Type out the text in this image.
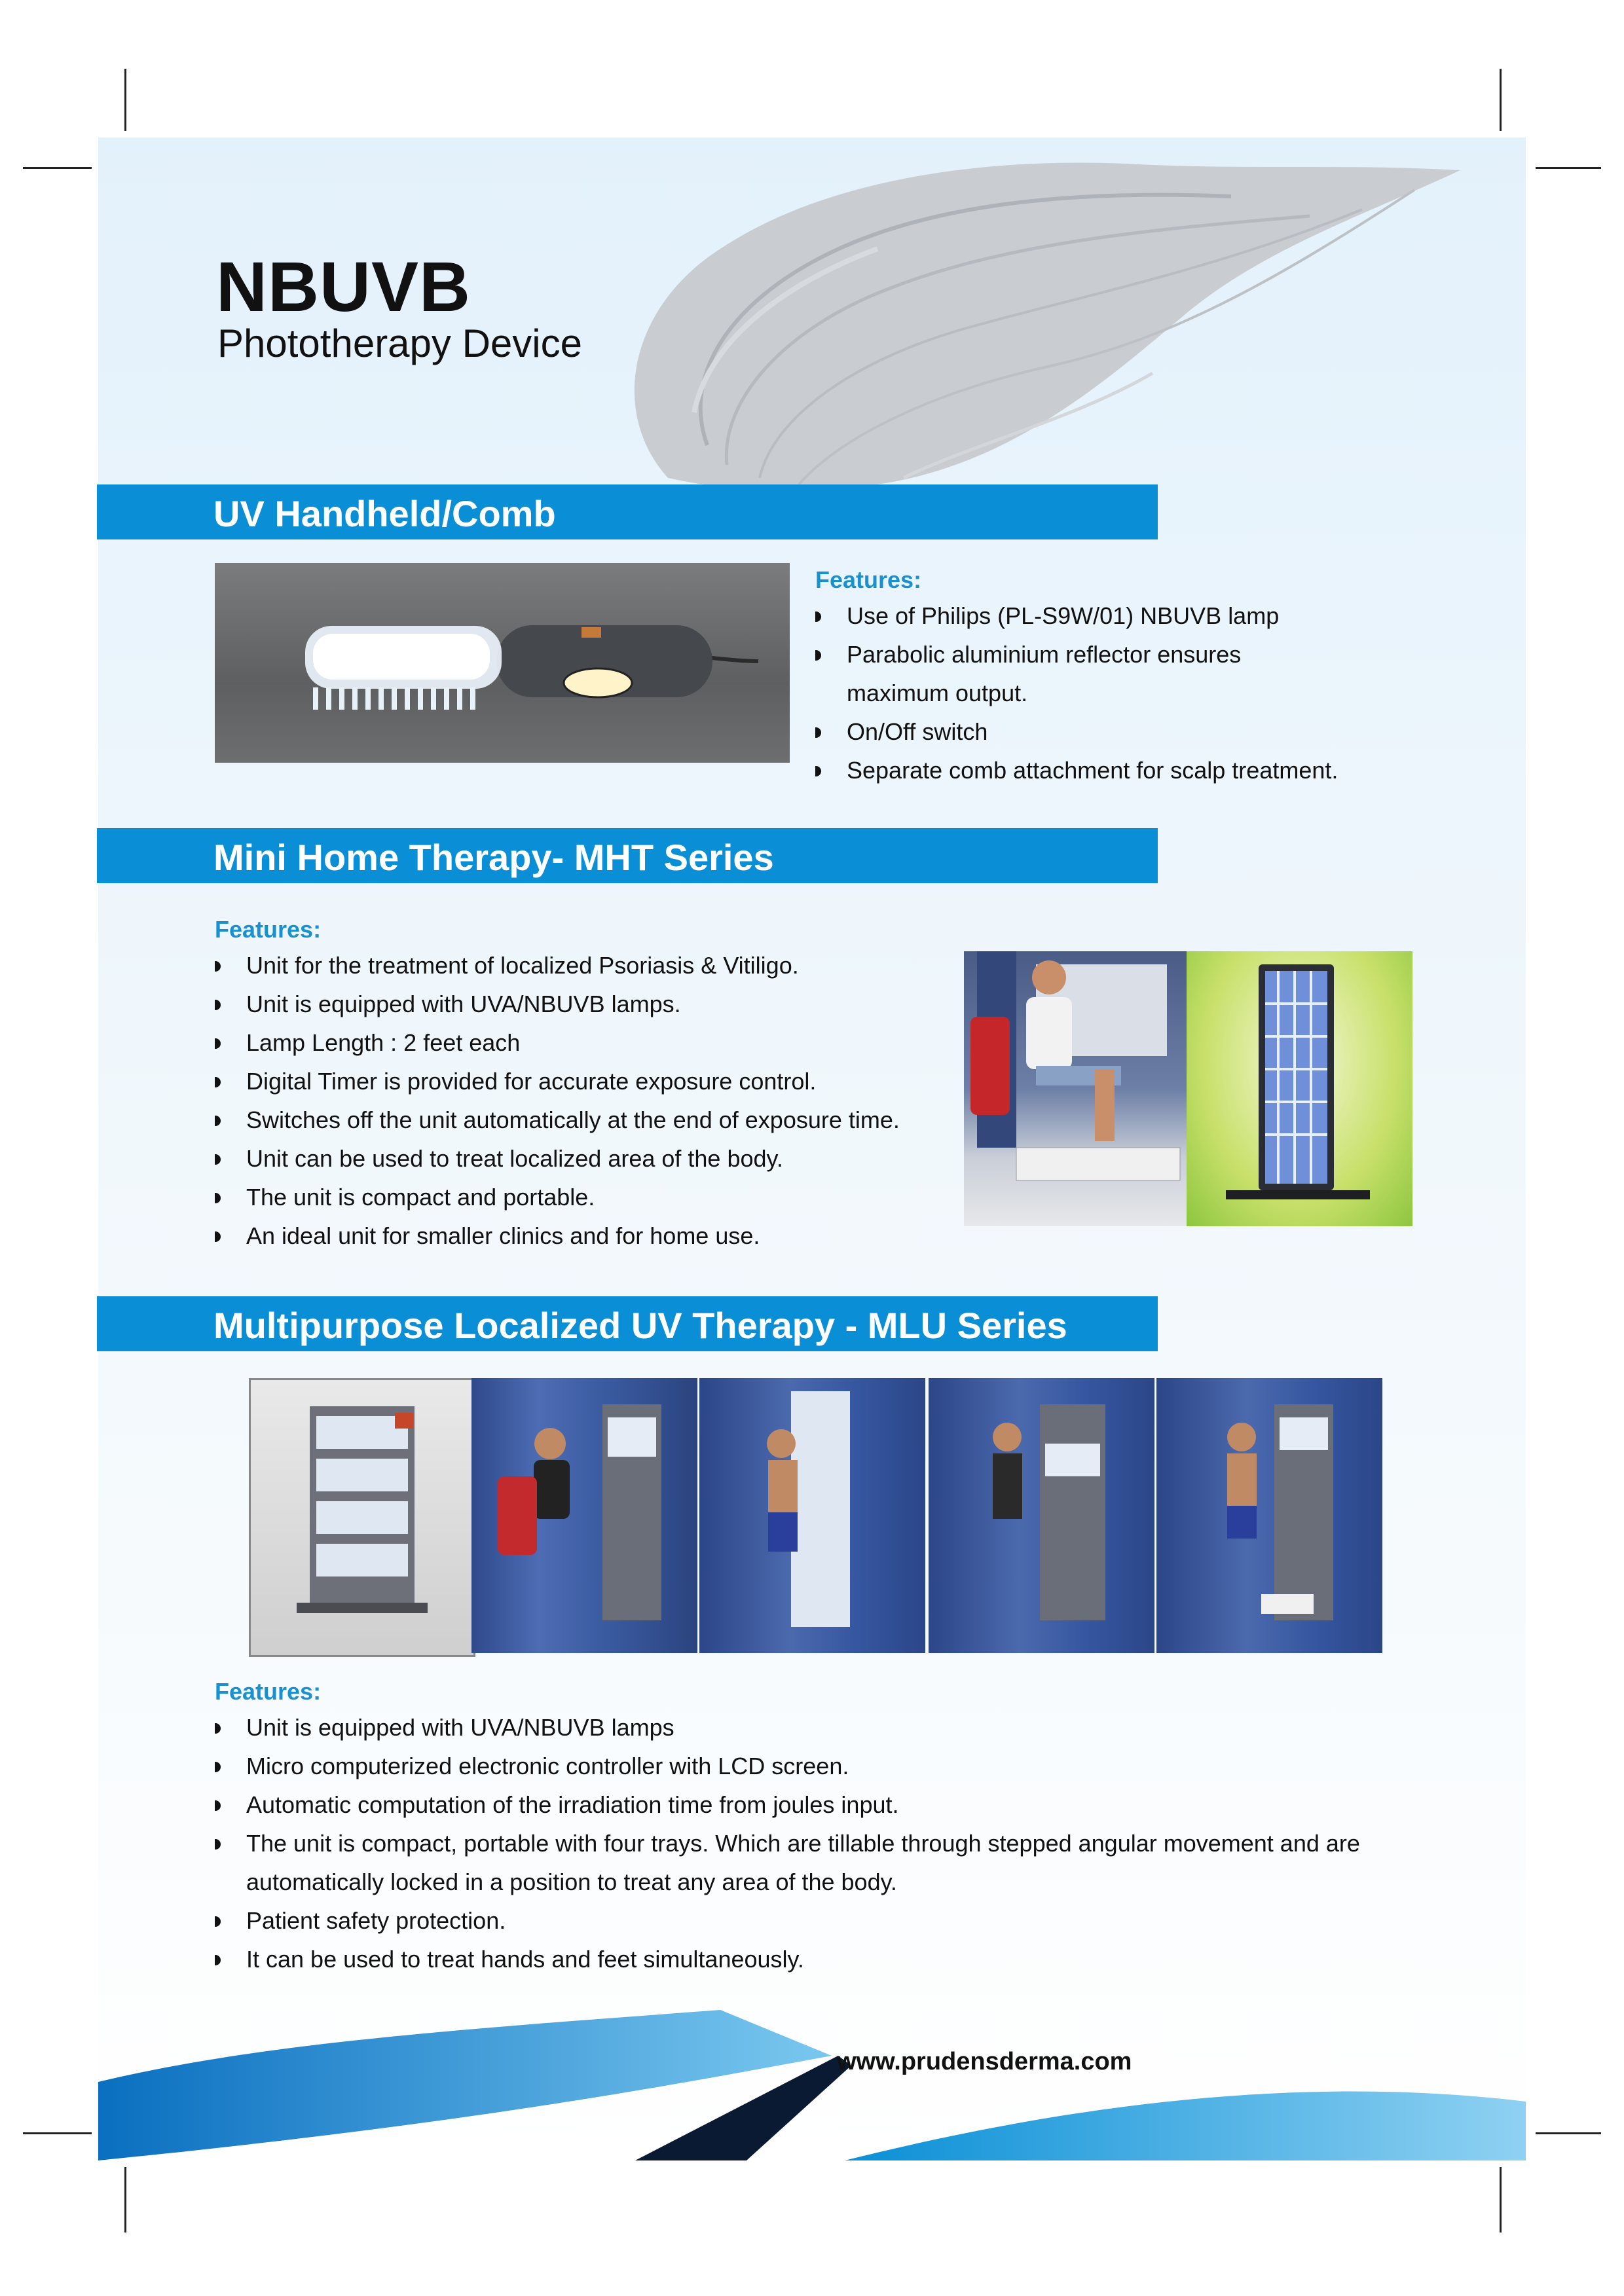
NBUVB
Phototherapy Device
UV Handheld/Comb
Features:
Use of Philips (PL-S9W/01) NBUVB lamp
Parabolic aluminium reflector ensures
maximum output.
On/Off switch
Separate comb attachment for scalp treatment.
Mini Home Therapy- MHT Series
Features:
Unit for the treatment of localized Psoriasis & Vitiligo.
Unit is equipped with UVA/NBUVB lamps.
Lamp Length : 2 feet each
Digital Timer is provided for accurate exposure control.
Switches off the unit automatically at the end of exposure time.
Unit can be used to treat localized area of the body.
The unit is compact and portable.
An ideal unit for smaller clinics and for home use.
Multipurpose Localized UV Therapy - MLU Series
Features:
Unit is equipped with UVA/NBUVB lamps
Micro computerized electronic controller with LCD screen.
Automatic computation of the irradiation time from joules input.
The unit is compact, portable with four trays. Which are tillable through stepped angular movement and are
automatically locked in a position to treat any area of the body.
Patient safety protection.
It can be used to treat hands and feet simultaneously.
www.prudensderma.com
